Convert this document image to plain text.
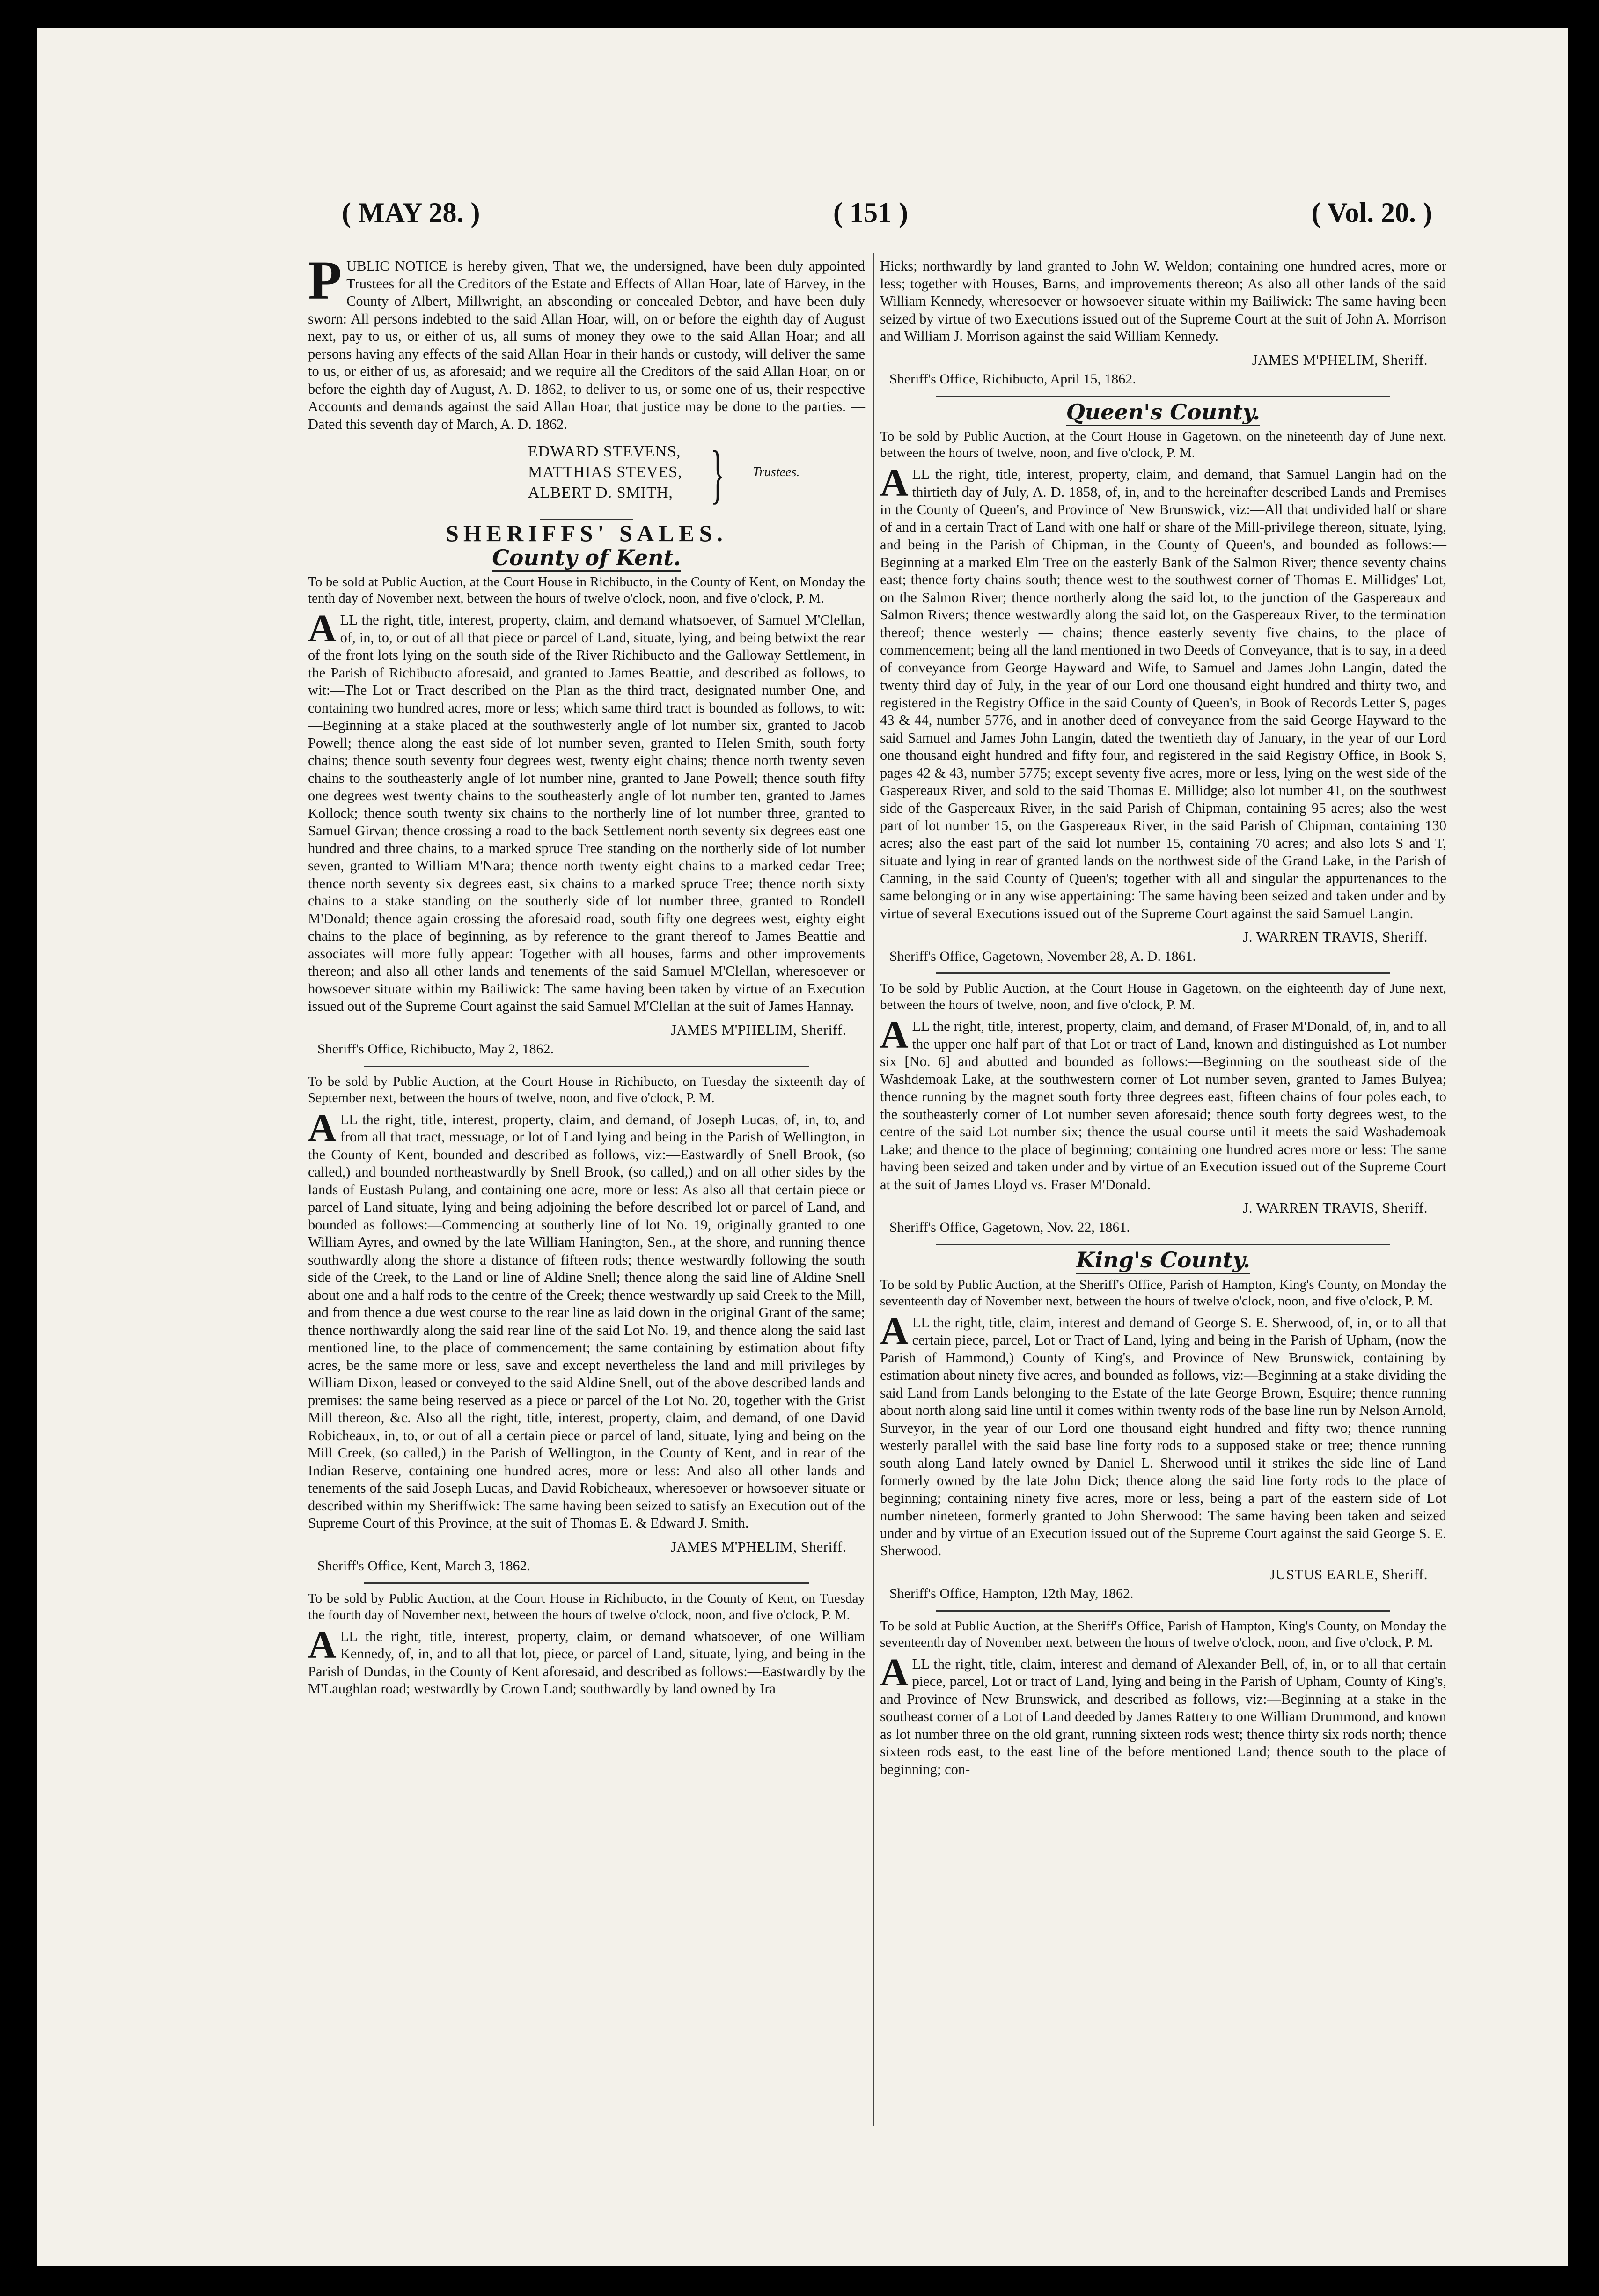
( MAY 28. )	( 151 )	( Vol. 20. )

PUBLIC NOTICE is hereby given, That we, the undersigned, have been duly appointed Trustees for all the Creditors of the Estate and Effects of Allan Hoar, late of Harvey, in the County of Albert, Millwright, an absconding or concealed Debtor, and have been duly sworn: All persons indebted to the said Allan Hoar, will, on or before the eighth day of August next, pay to us, or either of us, all sums of money they owe to the said Allan Hoar; and all persons having any effects of the said Allan Hoar in their hands or custody, will deliver the same to us, or either of us, as aforesaid; and we require all the Creditors of the said Allan Hoar, on or before the eighth day of August, A. D. 1862, to deliver to us, or some one of us, their respective Accounts and demands against the said Allan Hoar, that justice may be done to the parties. —Dated this seventh day of March, A. D. 1862.

EDWARD STEVENS,
MATTHIAS STEVES,
ALBERT D. SMITH, } Trustees.
SHERIFFS' SALES.
County of Kent.

To be sold at Public Auction, at the Court House in Richibucto, in the County of Kent, on Monday the tenth day of November next, between the hours of twelve o'clock, noon, and five o'clock, P. M.

ALL the right, title, interest, property, claim, and demand whatsoever, of Samuel M'Clellan, of, in, to, or out of all that piece or parcel of Land, situate, lying, and being betwixt the rear of the front lots lying on the south side of the River Richibucto and the Galloway Settlement, in the Parish of Richibucto aforesaid, and granted to James Beattie, and described as follows, to wit:—The Lot or Tract described on the Plan as the third tract, designated number One, and containing two hundred acres, more or less; which same third tract is bounded as follows, to wit:—Beginning at a stake placed at the southwesterly angle of lot number six, granted to Jacob Powell; thence along the east side of lot number seven, granted to Helen Smith, south forty chains; thence south seventy four degrees west, twenty eight chains; thence north twenty seven chains to the southeasterly angle of lot number nine, granted to Jane Powell; thence south fifty one degrees west twenty chains to the southeasterly angle of lot number ten, granted to James Kollock; thence south twenty six chains to the northerly line of lot number three, granted to Samuel Girvan; thence crossing a road to the back Settlement north seventy six degrees east one hundred and three chains, to a marked spruce Tree standing on the northerly side of lot number seven, granted to William M'Nara; thence north twenty eight chains to a marked cedar Tree; thence north seventy six degrees east, six chains to a marked spruce Tree; thence north sixty chains to a stake standing on the southerly side of lot number three, granted to Rondell M'Donald; thence again crossing the aforesaid road, south fifty one degrees west, eighty eight chains to the place of beginning, as by reference to the grant thereof to James Beattie and associates will more fully appear: Together with all houses, farms and other improvements thereon; and also all other lands and tenements of the said Samuel M'Clellan, wheresoever or howsoever situate within my Bailiwick: The same having been taken by virtue of an Execution issued out of the Supreme Court against the said Samuel M'Clellan at the suit of James Hannay.

JAMES M'PHELIM, Sheriff.
Sheriff's Office, Richibucto, May 2, 1862.

To be sold by Public Auction, at the Court House in Richibucto, on Tuesday the sixteenth day of September next, between the hours of twelve, noon, and five o'clock, P. M.

ALL the right, title, interest, property, claim, and demand, of Joseph Lucas, of, in, to, and from all that tract, messuage, or lot of Land lying and being in the Parish of Wellington, in the County of Kent, bounded and described as follows, viz:—Eastwardly of Snell Brook, (so called,) and bounded northeastwardly by Snell Brook, (so called,) and on all other sides by the lands of Eustash Pulang, and containing one acre, more or less: As also all that certain piece or parcel of Land situate, lying and being adjoining the before described lot or parcel of Land, and bounded as follows:—Commencing at southerly line of lot No. 19, originally granted to one William Ayres, and owned by the late William Hanington, Sen., at the shore, and running thence southwardly along the shore a distance of fifteen rods; thence westwardly following the south side of the Creek, to the Land or line of Aldine Snell; thence along the said line of Aldine Snell about one and a half rods to the centre of the Creek; thence westwardly up said Creek to the Mill, and from thence a due west course to the rear line as laid down in the original Grant of the same; thence northwardly along the said rear line of the said Lot No. 19, and thence along the said last mentioned line, to the place of commencement; the same containing by estimation about fifty acres, be the same more or less, save and except nevertheless the land and mill privileges by William Dixon, leased or conveyed to the said Aldine Snell, out of the above described lands and premises: the same being reserved as a piece or parcel of the Lot No. 20, together with the Grist Mill thereon, &c. Also all the right, title, interest, property, claim, and demand, of one David Robicheaux, in, to, or out of all a certain piece or parcel of land, situate, lying and being on the Mill Creek, (so called,) in the Parish of Wellington, in the County of Kent, and in rear of the Indian Reserve, containing one hundred acres, more or less: And also all other lands and tenements of the said Joseph Lucas, and David Robicheaux, wheresoever or howsoever situate or described within my Sheriffwick: The same having been seized to satisfy an Execution out of the Supreme Court of this Province, at the suit of Thomas E. & Edward J. Smith.

JAMES M'PHELIM, Sheriff.
Sheriff's Office, Kent, March 3, 1862.

To be sold by Public Auction, at the Court House in Richibucto, in the County of Kent, on Tuesday the fourth day of November next, between the hours of twelve o'clock, noon, and five o'clock, P. M.

ALL the right, title, interest, property, claim, or demand whatsoever, of one William Kennedy, of, in, and to all that lot, piece, or parcel of Land, situate, lying, and being in the Parish of Dundas, in the County of Kent aforesaid, and described as follows:—Eastwardly by the M'Laughlan road; westwardly by Crown Land; southwardly by land owned by Ira

Hicks; northwardly by land granted to John W. Weldon; containing one hundred acres, more or less; together with Houses, Barns, and improvements thereon; As also all other lands of the said William Kennedy, wheresoever or howsoever situate within my Bailiwick: The same having been seized by virtue of two Executions issued out of the Supreme Court at the suit of John A. Morrison and William J. Morrison against the said William Kennedy.

JAMES M'PHELIM, Sheriff.
Sheriff's Office, Richibucto, April 15, 1862.
Queen's County.

To be sold by Public Auction, at the Court House in Gagetown, on the nineteenth day of June next, between the hours of twelve, noon, and five o'clock, P. M.

ALL the right, title, interest, property, claim, and demand, that Samuel Langin had on the thirtieth day of July, A. D. 1858, of, in, and to the hereinafter described Lands and Premises in the County of Queen's, and Province of New Brunswick, viz:—All that undivided half or share of and in a certain Tract of Land with one half or share of the Mill-privilege thereon, situate, lying, and being in the Parish of Chipman, in the County of Queen's, and bounded as follows:—Beginning at a marked Elm Tree on the easterly Bank of the Salmon River; thence seventy chains east; thence forty chains south; thence west to the southwest corner of Thomas E. Millidges' Lot, on the Salmon River; thence northerly along the said lot, to the junction of the Gaspereaux and Salmon Rivers; thence westwardly along the said lot, on the Gaspereaux River, to the termination thereof; thence westerly — chains; thence easterly seventy five chains, to the place of commencement; being all the land mentioned in two Deeds of Conveyance, that is to say, in a deed of conveyance from George Hayward and Wife, to Samuel and James John Langin, dated the twenty third day of July, in the year of our Lord one thousand eight hundred and thirty two, and registered in the Registry Office in the said County of Queen's, in Book of Records Letter S, pages 43 & 44, number 5776, and in another deed of conveyance from the said George Hayward to the said Samuel and James John Langin, dated the twentieth day of January, in the year of our Lord one thousand eight hundred and fifty four, and registered in the said Registry Office, in Book S, pages 42 & 43, number 5775; except seventy five acres, more or less, lying on the west side of the Gaspereaux River, and sold to the said Thomas E. Millidge; also lot number 41, on the southwest side of the Gaspereaux River, in the said Parish of Chipman, containing 95 acres; also the west part of lot number 15, on the Gaspereaux River, in the said Parish of Chipman, containing 130 acres; also the east part of the said lot number 15, containing 70 acres; and also lots S and T, situate and lying in rear of granted lands on the northwest side of the Grand Lake, in the Parish of Canning, in the said County of Queen's; together with all and singular the appurtenances to the same belonging or in any wise appertaining: The same having been seized and taken under and by virtue of several Executions issued out of the Supreme Court against the said Samuel Langin.

J. WARREN TRAVIS, Sheriff.
Sheriff's Office, Gagetown, November 28, A. D. 1861.

To be sold by Public Auction, at the Court House in Gagetown, on the eighteenth day of June next, between the hours of twelve, noon, and five o'clock, P. M.

ALL the right, title, interest, property, claim, and demand, of Fraser M'Donald, of, in, and to all the upper one half part of that Lot or tract of Land, known and distinguished as Lot number six [No. 6] and abutted and bounded as follows:—Beginning on the southeast side of the Washdemoak Lake, at the southwestern corner of Lot number seven, granted to James Bulyea; thence running by the magnet south forty three degrees east, fifteen chains of four poles each, to the southeasterly corner of Lot number seven aforesaid; thence south forty degrees west, to the centre of the said Lot number six; thence the usual course until it meets the said Washademoak Lake; and thence to the place of beginning; containing one hundred acres more or less: The same having been seized and taken under and by virtue of an Execution issued out of the Supreme Court at the suit of James Lloyd vs. Fraser M'Donald.

J. WARREN TRAVIS, Sheriff.
Sheriff's Office, Gagetown, Nov. 22, 1861.
King's County.

To be sold by Public Auction, at the Sheriff's Office, Parish of Hampton, King's County, on Monday the seventeenth day of November next, between the hours of twelve o'clock, noon, and five o'clock, P. M.

ALL the right, title, claim, interest and demand of George S. E. Sherwood, of, in, or to all that certain piece, parcel, Lot or Tract of Land, lying and being in the Parish of Upham, (now the Parish of Hammond,) County of King's, and Province of New Brunswick, containing by estimation about ninety five acres, and bounded as follows, viz:—Beginning at a stake dividing the said Land from Lands belonging to the Estate of the late George Brown, Esquire; thence running about north along said line until it comes within twenty rods of the base line run by Nelson Arnold, Surveyor, in the year of our Lord one thousand eight hundred and fifty two; thence running westerly parallel with the said base line forty rods to a supposed stake or tree; thence running south along Land lately owned by Daniel L. Sherwood until it strikes the side line of Land formerly owned by the late John Dick; thence along the said line forty rods to the place of beginning; containing ninety five acres, more or less, being a part of the eastern side of Lot number nineteen, formerly granted to John Sherwood: The same having been taken and seized under and by virtue of an Execution issued out of the Supreme Court against the said George S. E. Sherwood.

JUSTUS EARLE, Sheriff.
Sheriff's Office, Hampton, 12th May, 1862.

To be sold at Public Auction, at the Sheriff's Office, Parish of Hampton, King's County, on Monday the seventeenth day of November next, between the hours of twelve o'clock, noon, and five o'clock, P. M.

ALL the right, title, claim, interest and demand of Alexander Bell, of, in, or to all that certain piece, parcel, Lot or tract of Land, lying and being in the Parish of Upham, County of King's, and Province of New Brunswick, and described as follows, viz:—Beginning at a stake in the southeast corner of a Lot of Land deeded by James Rattery to one William Drummond, and known as lot number three on the old grant, running sixteen rods west; thence thirty six rods north; thence sixteen rods east, to the east line of the before mentioned Land; thence south to the place of beginning; con-
